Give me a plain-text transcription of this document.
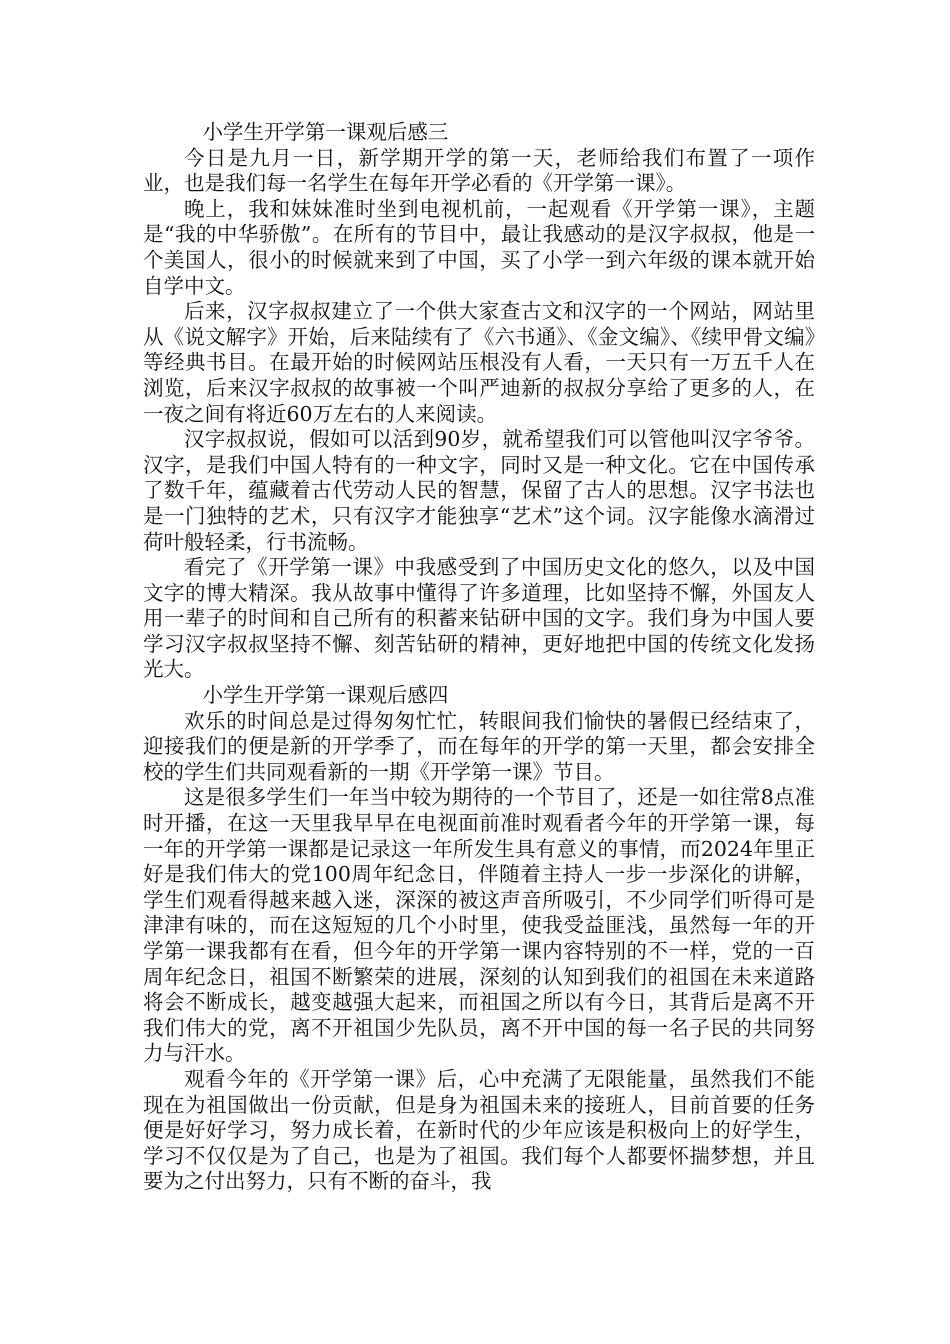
小学生开学第一课观后感三

今日是九月一日，新学期开学的第一天，老师给我们布置了一项作业，也是我们每一名学生在每年开学必看的《开学第一课》。

晚上，我和妹妹准时坐到电视机前，一起观看《开学第一课》，主题是“我的中华骄傲”。在所有的节目中，最让我感动的是汉字叔叔，他是一个美国人，很小的时候就来到了中国，买了小学一到六年级的课本就开始自学中文。

后来，汉字叔叔建立了一个供大家查古文和汉字的一个网站，网站里从《说文解字》开始，后来陆续有了《六书通》、《金文编》、《续甲骨文编》等经典书目。在最开始的时候网站压根没有人看，一天只有一万五千人在浏览，后来汉字叔叔的故事被一个叫严迪新的叔叔分享给了更多的人，在一夜之间有将近60万左右的人来阅读。

汉字叔叔说，假如可以活到90岁，就希望我们可以管他叫汉字爷爷。汉字，是我们中国人特有的一种文字，同时又是一种文化。它在中国传承了数千年，蕴藏着古代劳动人民的智慧，保留了古人的思想。汉字书法也是一门独特的艺术，只有汉字才能独享“艺术”这个词。汉字能像水滴滑过荷叶般轻柔，行书流畅。

看完了《开学第一课》中我感受到了中国历史文化的悠久，以及中国文字的博大精深。我从故事中懂得了许多道理，比如坚持不懈，外国友人用一辈子的时间和自己所有的积蓄来钻研中国的文字。我们身为中国人要学习汉字叔叔坚持不懈、刻苦钻研的精神，更好地把中国的传统文化发扬光大。

小学生开学第一课观后感四

欢乐的时间总是过得匆匆忙忙，转眼间我们愉快的暑假已经结束了，迎接我们的便是新的开学季了，而在每年的开学的第一天里，都会安排全校的学生们共同观看新的一期《开学第一课》节目。

这是很多学生们一年当中较为期待的一个节目了，还是一如往常8点准时开播，在这一天里我早早在电视面前准时观看者今年的开学第一课，每一年的开学第一课都是记录这一年所发生具有意义的事情，而2024年里正好是我们伟大的党100周年纪念日，伴随着主持人一步一步深化的讲解，学生们观看得越来越入迷，深深的被这声音所吸引，不少同学们听得可是津津有味的，而在这短短的几个小时里，使我受益匪浅，虽然每一年的开学第一课我都有在看，但今年的开学第一课内容特别的不一样，党的一百周年纪念日，祖国不断繁荣的进展，深刻的认知到我们的祖国在未来道路将会不断成长，越变越强大起来，而祖国之所以有今日，其背后是离不开我们伟大的党，离不开祖国少先队员，离不开中国的每一名子民的共同努力与汗水。

观看今年的《开学第一课》后，心中充满了无限能量，虽然我们不能现在为祖国做出一份贡献，但是身为祖国未来的接班人，目前首要的任务便是好好学习，努力成长着，在新时代的少年应该是积极向上的好学生，学习不仅仅是为了自己，也是为了祖国。我们每个人都要怀揣梦想，并且要为之付出努力，只有不断的奋斗，我
